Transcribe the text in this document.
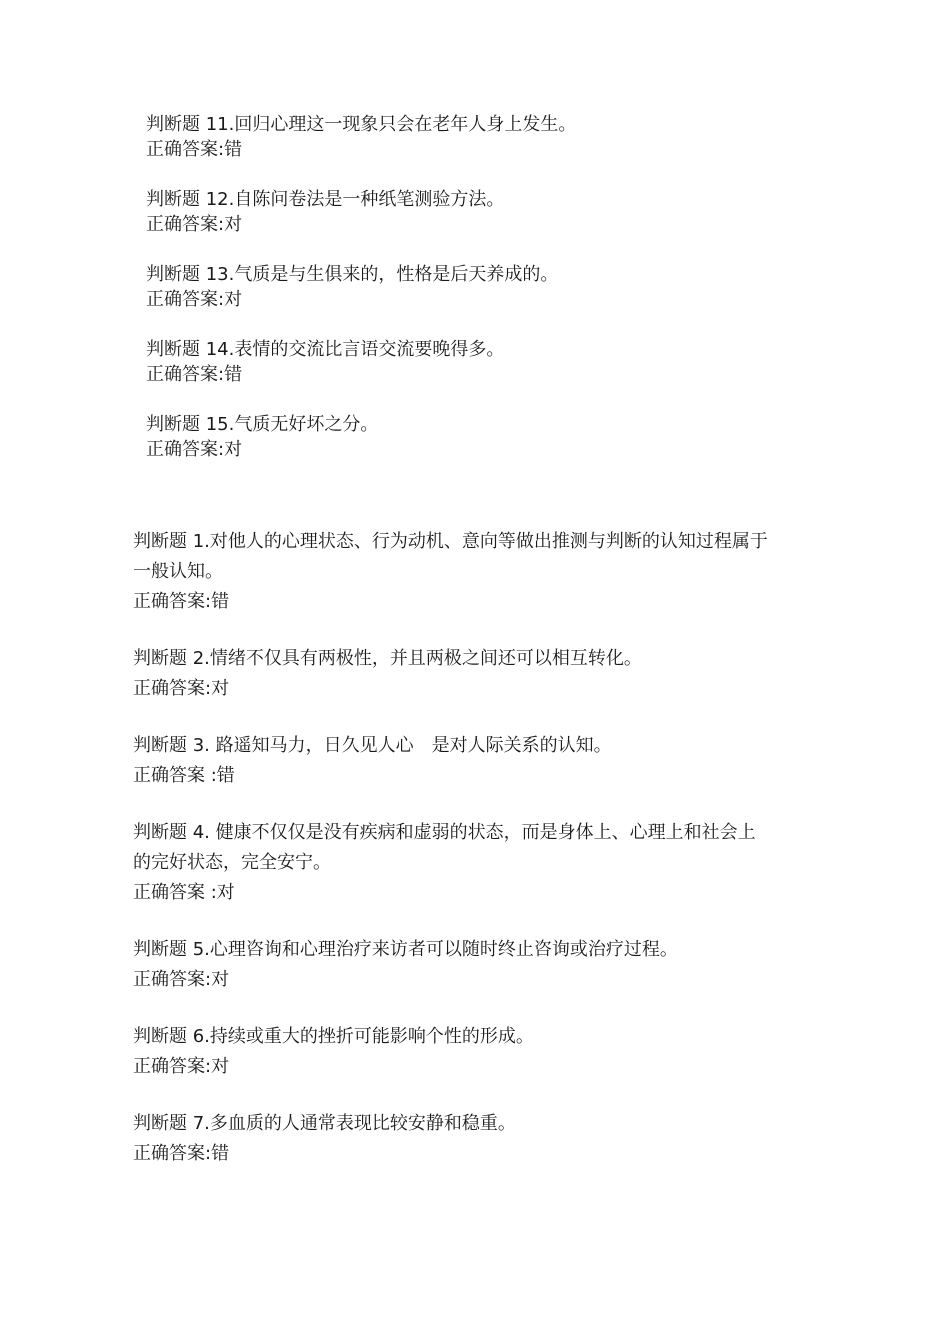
判断题 11.回归心理这一现象只会在老年人身上发生。
正确答案:错
判断题 12.自陈问卷法是一种纸笔测验方法。
正确答案:对
判断题 13.气质是与生俱来的，性格是后天养成的。
正确答案:对
判断题 14.表情的交流比言语交流要晚得多。
正确答案:错
判断题 15.气质无好坏之分。
正确答案:对
判断题 1.对他人的心理状态、行为动机、意向等做出推测与判断的认知过程属于
一般认知。
正确答案:错
判断题 2.情绪不仅具有两极性，并且两极之间还可以相互转化。
正确答案:对
判断题 3. 路遥知马力，日久见人心　是对人际关系的认知。
正确答案 :错
判断题 4. 健康不仅仅是没有疾病和虚弱的状态，而是身体上、心理上和社会上
的完好状态，完全安宁。
正确答案 :对
判断题 5.心理咨询和心理治疗来访者可以随时终止咨询或治疗过程。
正确答案:对
判断题 6.持续或重大的挫折可能影响个性的形成。
正确答案:对
判断题 7.多血质的人通常表现比较安静和稳重。
正确答案:错
